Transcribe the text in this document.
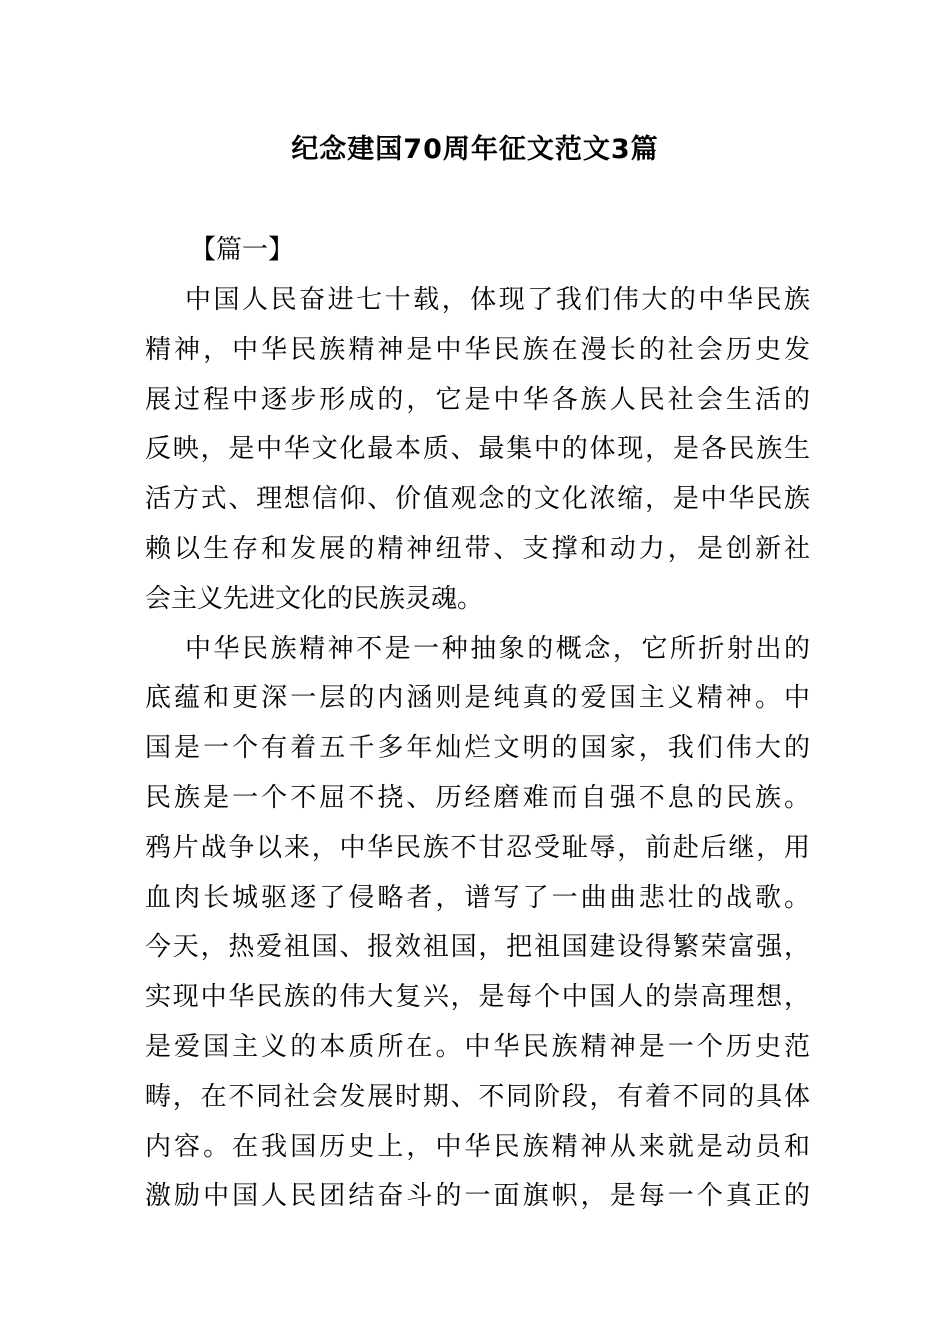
纪念建国70周年征文范文3篇
【篇一】
中国人民奋进七十载，体现了我们伟大的中华民族
精神，中华民族精神是中华民族在漫长的社会历史发
展过程中逐步形成的，它是中华各族人民社会生活的
反映，是中华文化最本质、最集中的体现，是各民族生
活方式、理想信仰、价值观念的文化浓缩，是中华民族
赖以生存和发展的精神纽带、支撑和动力，是创新社
会主义先进文化的民族灵魂。
中华民族精神不是一种抽象的概念，它所折射出的
底蕴和更深一层的内涵则是纯真的爱国主义精神。中
国是一个有着五千多年灿烂文明的国家，我们伟大的
民族是一个不屈不挠、历经磨难而自强不息的民族。
鸦片战争以来，中华民族不甘忍受耻辱，前赴后继，用
血肉长城驱逐了侵略者，谱写了一曲曲悲壮的战歌。
今天，热爱祖国、报效祖国，把祖国建设得繁荣富强，
实现中华民族的伟大复兴，是每个中国人的崇高理想，
是爱国主义的本质所在。中华民族精神是一个历史范
畴，在不同社会发展时期、不同阶段，有着不同的具体
内容。在我国历史上，中华民族精神从来就是动员和
激励中国人民团结奋斗的一面旗帜，是每一个真正的
